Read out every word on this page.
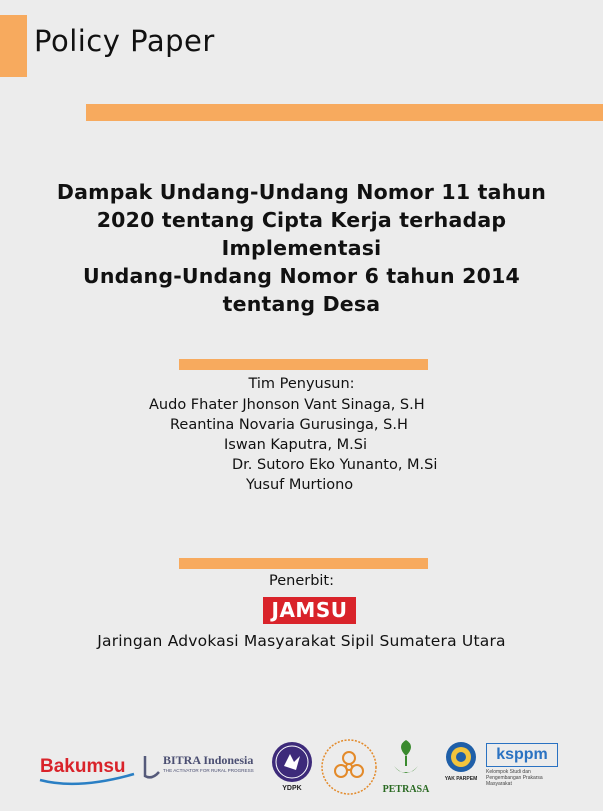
Policy Paper
Dampak Undang-Undang Nomor 11 tahun
2020 tentang Cipta Kerja terhadap
Implementasi
Undang-Undang Nomor 6 tahun 2014
tentang Desa
Tim Penyusun:
Audo Fhater Jhonson Vant Sinaga, S.H
Reantina Novaria Gurusinga, S.H
Iswan Kaputra, M.Si
Dr. Sutoro Eko Yunanto, M.Si
Yusuf Murtiono
Penerbit:
JAMSU
Jaringan Advokasi Masyarakat Sipil Sumatera Utara
Bakumsu	BITRA Indonesia
THE ACTIVATOR FOR RURAL PROGRESS
YDPK	PETRASA
YAK PARPEM
ksppm
Kelompok Studi dan Pengembangan Prakarsa Masyarakat
